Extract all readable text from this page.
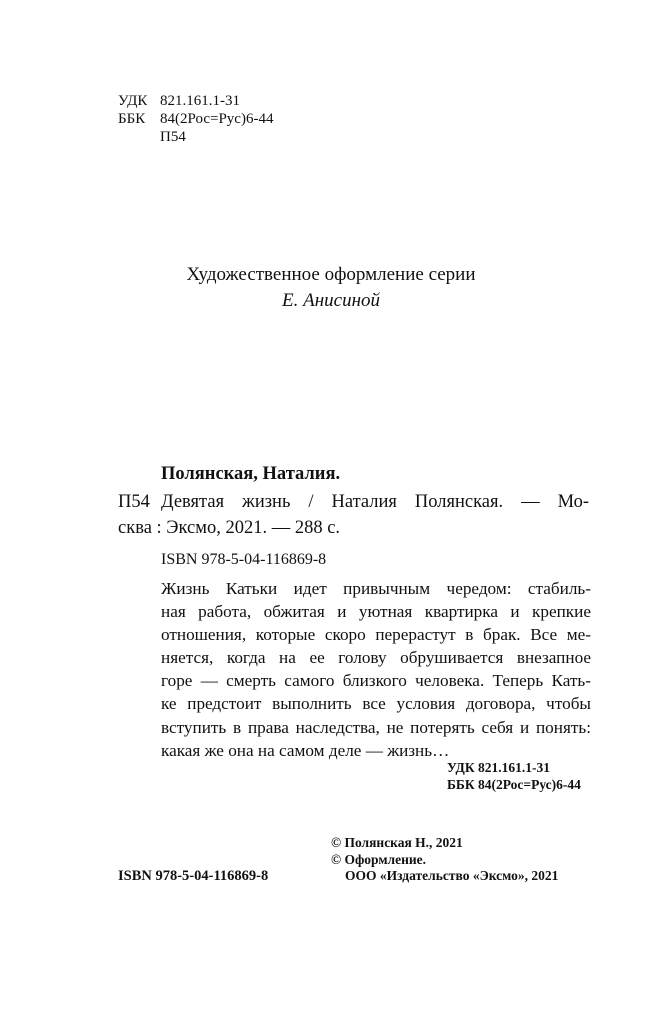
УДК 821.161.1-31
ББК 84(2Рос=Рус)6-44
П54
Художественное оформление серии
Е. Анисиной
Полянская, Наталия.
П54 Девятая жизнь / Наталия Полянская. — Мо-
сква : Эксмо, 2021. — 288 с.
ISBN 978-5-04-116869-8
Жизнь Катьки идет привычным чередом: стабиль-
ная работа, обжитая и уютная квартирка и крепкие
отношения, которые скоро перерастут в брак. Все ме-
няется, когда на ее голову обрушивается внезапное
горе — смерть самого близкого человека. Теперь Кать-
ке предстоит выполнить все условия договора, чтобы
вступить в права наследства, не потерять себя и понять:
какая же она на самом деле — жизнь…
УДК 821.161.1-31
ББК 84(2Рос=Рус)6-44
© Полянская Н., 2021
© Оформление.
ISBN 978-5-04-116869-8	ООО «Издательство «Эксмо», 2021
